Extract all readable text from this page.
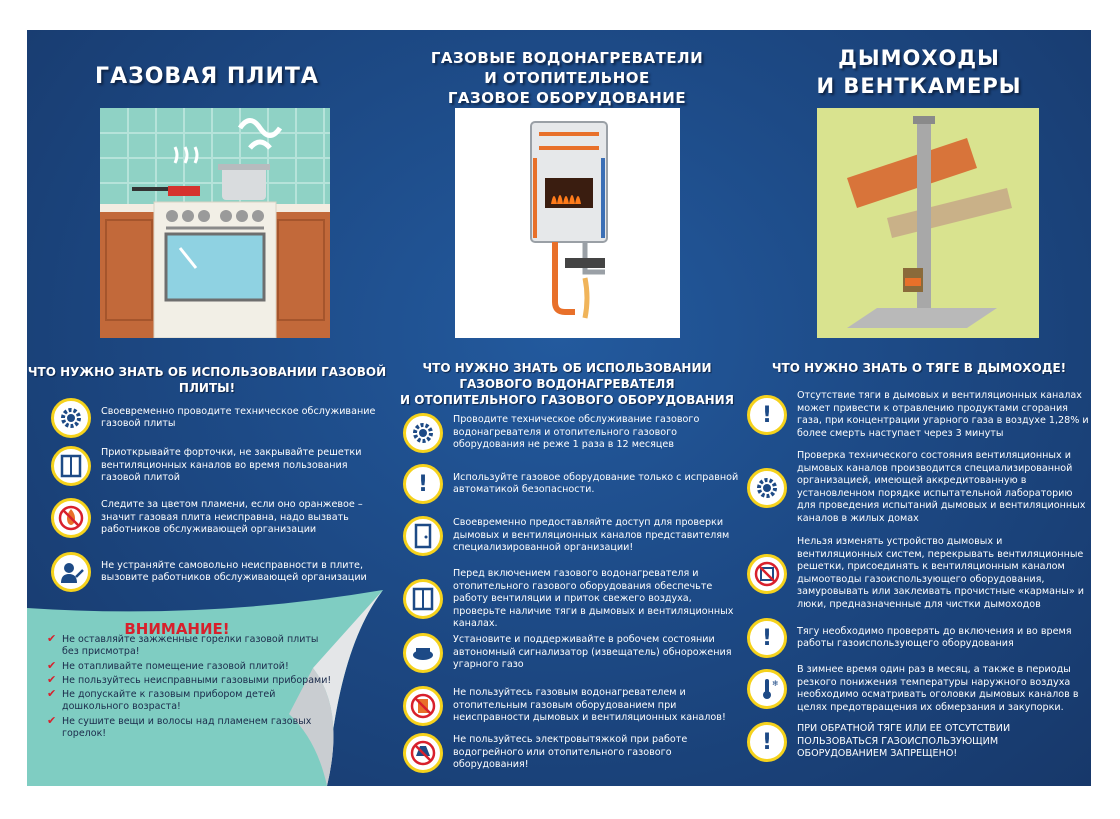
ГАЗОВАЯ ПЛИТА
ЧТО НУЖНО ЗНАТЬ ОБ ИСПОЛЬЗОВАНИИ ГАЗОВОЙ ПЛИТЫ!
Своевременно проводите техническое обслуживание газовой плиты
Приоткрывайте форточки, не закрывайте решетки вентиляционных каналов во время пользования газовой плитой
Следите за цветом пламени, если оно оранжевое – значит газовая плита неисправна, надо вызвать работников обслуживающей организации
Не устраняйте самовольно неисправности в плите, вызовите работников обслуживающей организации
ВНИМАНИЕ!
✔ Не оставляйте зажженные горелки газовой плиты без присмотра!
✔ Не отапливайте помещение газовой плитой!
✔ Не пользуйтесь неисправными газовыми приборами!
✔ Не допускайте к газовым прибором детей дошкольного возраста!
✔ Не сушите вещи и волосы над пламенем газовых горелок!
ГАЗОВЫЕ ВОДОНАГРЕВАТЕЛИ
И ОТОПИТЕЛЬНОЕ
ГАЗОВОЕ ОБОРУДОВАНИЕ
ЧТО НУЖНО ЗНАТЬ ОБ ИСПОЛЬЗОВАНИИ
ГАЗОВОГО ВОДОНАГРЕВАТЕЛЯ
И ОТОПИТЕЛЬНОГО ГАЗОВОГО ОБОРУДОВАНИЯ
Проводите техническое обслуживание газового водонагревателя и отопительного газового оборудования не реже 1 раза в 12 месяцев
!	Используйте газовое оборудование только с исправной автоматикой безопасности.
Своевременно предоставляйте доступ для проверки дымовых и вентиляционных каналов представителям специализированной организации!
Перед включением газового водонагревателя и отопительного газового оборудования обеспечьте работу вентиляции и приток свежего воздуха, проверьте наличие тяги в дымовых и вентиляционных каналах.
Установите и поддерживайте в робочем состоянии автономный сигнализатор (извещатель) обнорожения угарного газо
Не пользуйтесь газовым водонагревателем и отопительным газовым оборудованием при неисправности дымовых и вентиляционных каналов!
Не пользуйтесь электровытяжкой при работе водогрейного или отопительного газового оборудования!
ДЫМОХОДЫ
И ВЕНТКАМЕРЫ
ЧТО НУЖНО ЗНАТЬ О ТЯГЕ В ДЫМОХОДЕ!
!
Отсутствие тяги в дымовых и вентиляционных каналах может привести к отравлению продуктами сгорания газа, при концентрации угарного газа в воздухе 1,28% и более смерть наступает через 3 минуты
Проверка технического состояния вентиляционных и дымовых каналов производится специализированной организацией, имеющей аккредитованную в установленном порядке испытательной лабораторию для проведения испытаний дымовых и вентиляционных каналов в жилых домах
Нельзя изменять устройство дымовых и вентиляционных систем, перекрывать вентиляционные решетки, присоединять к вентиляционным каналом дымоотводы газоиспользующего оборудования, замуровывать или заклеивать прочистные «карманы» и люки, предназначенные для чистки дымоходов
!	Тягу необходимо проверять до включения и во время работы газоиспользующего оборудования
❄
В зимнее время один раз в месяц, а также в периоды резкого понижения температуры наружного воздуха необходимо осматривать оголовки дымовых каналов в целях предотвращения их обмерзания и закупорки.
!
ПРИ ОБРАТНОЙ ТЯГЕ ИЛИ ЕЕ ОТСУТСТВИИ ПОЛЬЗОВАТЬСЯ ГАЗОИСПОЛЬЗУЮЩИМ ОБОРУДОВАНИЕМ ЗАПРЕЩЕНО!
